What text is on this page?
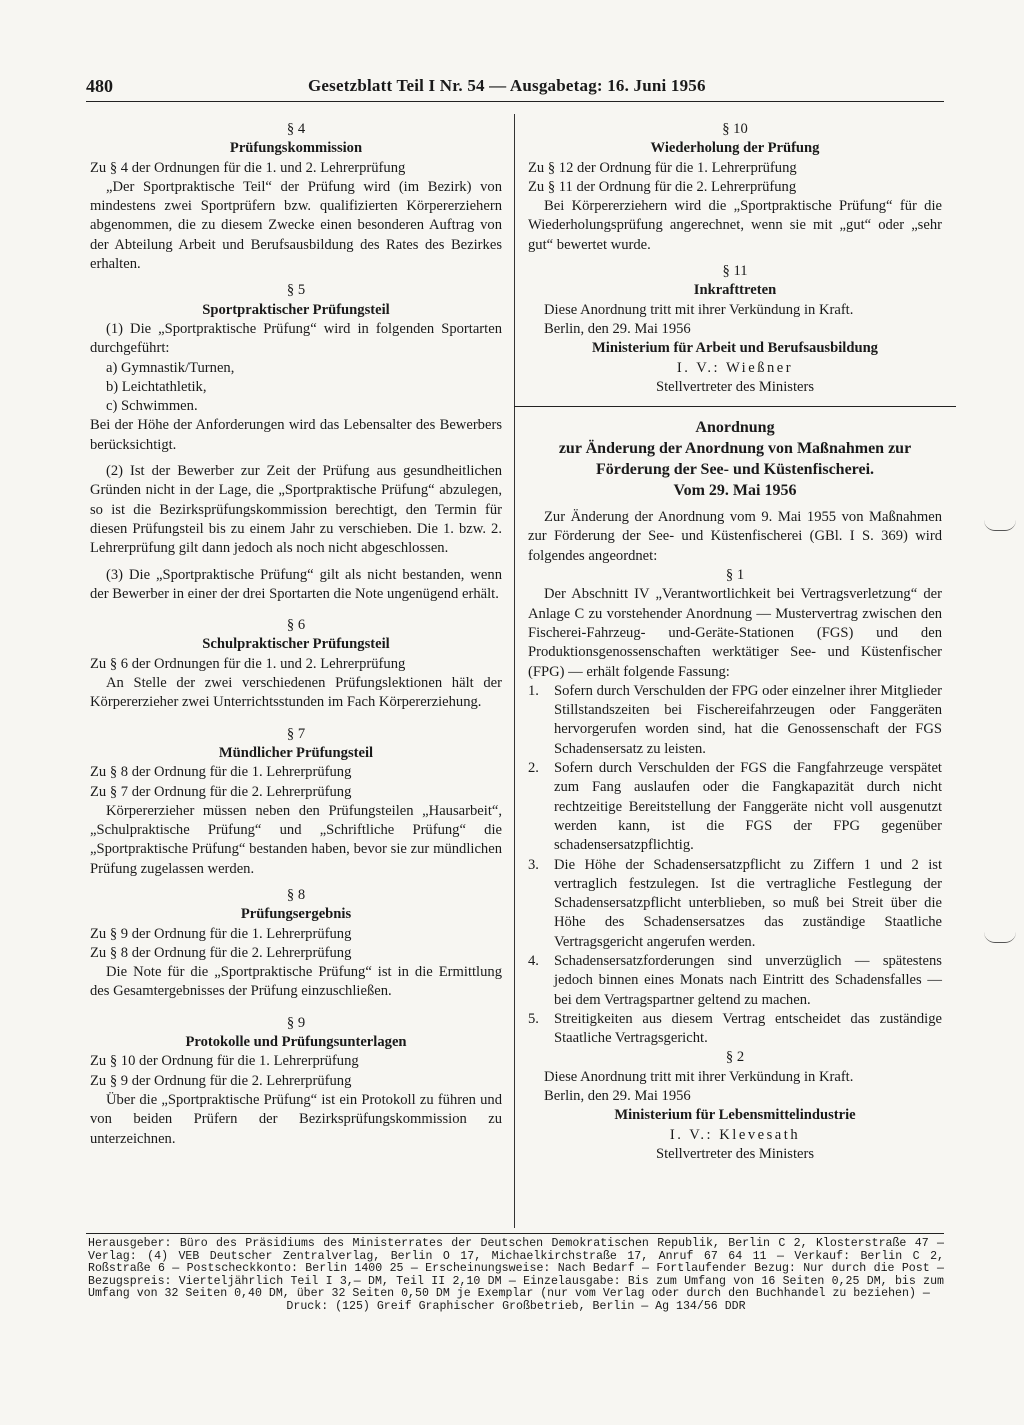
480	Gesetzblatt Teil I Nr. 54 — Ausgabetag: 16. Juni 1956
§ 4
Prüfungskommission

Zu § 4 der Ordnungen für die 1. und 2. Lehrerprüfung

„Der Sportpraktische Teil“ der Prüfung wird (im Bezirk) von mindestens zwei Sportprüfern bzw. qualifizierten Körpererziehern abgenommen, die zu diesem Zwecke einen besonderen Auftrag von der Abteilung Arbeit und Berufsausbildung des Rates des Bezirkes erhalten.

§ 5
Sportpraktischer Prüfungsteil

(1) Die „Sportpraktische Prüfung“ wird in folgenden Sportarten durchgeführt:

a) Gymnastik/Turnen,

b) Leichtathletik,

c) Schwimmen.

Bei der Höhe der Anforderungen wird das Lebensalter des Bewerbers berücksichtigt.

(2) Ist der Bewerber zur Zeit der Prüfung aus gesundheitlichen Gründen nicht in der Lage, die „Sportpraktische Prüfung“ abzulegen, so ist die Bezirksprüfungskommission berechtigt, den Termin für diesen Prüfungsteil bis zu einem Jahr zu verschieben. Die 1. bzw. 2. Lehrerprüfung gilt dann jedoch als noch nicht abgeschlossen.

(3) Die „Sportpraktische Prüfung“ gilt als nicht bestanden, wenn der Bewerber in einer der drei Sportarten die Note ungenügend erhält.

§ 6
Schulpraktischer Prüfungsteil

Zu § 6 der Ordnungen für die 1. und 2. Lehrerprüfung

An Stelle der zwei verschiedenen Prüfungslektionen hält der Körpererzieher zwei Unterrichtsstunden im Fach Körpererziehung.

§ 7
Mündlicher Prüfungsteil

Zu § 8 der Ordnung für die 1. Lehrerprüfung

Zu § 7 der Ordnung für die 2. Lehrerprüfung

Körpererzieher müssen neben den Prüfungsteilen „Hausarbeit“, „Schulpraktische Prüfung“ und „Schriftliche Prüfung“ die „Sportpraktische Prüfung“ bestanden haben, bevor sie zur mündlichen Prüfung zugelassen werden.

§ 8
Prüfungsergebnis

Zu § 9 der Ordnung für die 1. Lehrerprüfung

Zu § 8 der Ordnung für die 2. Lehrerprüfung

Die Note für die „Sportpraktische Prüfung“ ist in die Ermittlung des Gesamtergebnisses der Prüfung einzuschließen.

§ 9
Protokolle und Prüfungsunterlagen

Zu § 10 der Ordnung für die 1. Lehrerprüfung

Zu § 9 der Ordnung für die 2. Lehrerprüfung

Über die „Sportpraktische Prüfung“ ist ein Protokoll zu führen und von beiden Prüfern der Bezirksprüfungskommission zu unterzeichnen.

§ 10
Wiederholung der Prüfung

Zu § 12 der Ordnung für die 1. Lehrerprüfung

Zu § 11 der Ordnung für die 2. Lehrerprüfung

Bei Körpererziehern wird die „Sportpraktische Prüfung“ für die Wiederholungsprüfung angerechnet, wenn sie mit „gut“ oder „sehr gut“ bewertet wurde.

§ 11
Inkrafttreten

Diese Anordnung tritt mit ihrer Verkündung in Kraft.

Berlin, den 29. Mai 1956

Ministerium für Arbeit und Berufsausbildung
I. V.: Wießner
Stellvertreter des Ministers
Anordnung
zur Änderung der Anordnung von Maßnahmen zur Förderung der See- und Küstenfischerei.
Vom 29. Mai 1956

Zur Änderung der Anordnung vom 9. Mai 1955 von Maßnahmen zur Förderung der See- und Küstenfischerei (GBl. I S. 369) wird folgendes angeordnet:

§ 1

Der Abschnitt IV „Verantwortlichkeit bei Vertragsverletzung“ der Anlage C zu vorstehender Anordnung — Mustervertrag zwischen den Fischerei-Fahrzeug- und-Geräte-Stationen (FGS) und den Produktionsgenossenschaften werktätiger See- und Küstenfischer (FPG) — erhält folgende Fassung:

1.	Sofern durch Verschulden der FPG oder einzelner ihrer Mitglieder Stillstandszeiten bei Fischereifahrzeugen oder Fanggeräten hervorgerufen worden sind, hat die Genossenschaft der FGS Schadensersatz zu leisten.
2.	Sofern durch Verschulden der FGS die Fangfahrzeuge verspätet zum Fang auslaufen oder die Fangkapazität durch nicht rechtzeitige Bereitstellung der Fanggeräte nicht voll ausgenutzt werden kann, ist die FGS der FPG gegenüber schadensersatzpflichtig.
3.	Die Höhe der Schadensersatzpflicht zu Ziffern 1 und 2 ist vertraglich festzulegen. Ist die vertragliche Festlegung der Schadensersatzpflicht unterblieben, so muß bei Streit über die Höhe des Schadensersatzes das zuständige Staatliche Vertragsgericht angerufen werden.
4.	Schadensersatzforderungen sind unverzüglich — spätestens jedoch binnen eines Monats nach Eintritt des Schadensfalles — bei dem Vertragspartner geltend zu machen.
5.	Streitigkeiten aus diesem Vertrag entscheidet das zuständige Staatliche Vertragsgericht.
§ 2

Diese Anordnung tritt mit ihrer Verkündung in Kraft.

Berlin, den 29. Mai 1956

Ministerium für Lebensmittelindustrie
I. V.: Klevesath
Stellvertreter des Ministers
Herausgeber: Büro des Präsidiums des Ministerrates der Deutschen Demokratischen Republik, Berlin C 2, Klosterstraße 47 — Verlag: (4) VEB Deutscher Zentralverlag, Berlin O 17, Michaelkirchstraße 17, Anruf 67 64 11 — Verkauf: Berlin C 2, Roßstraße 6 — Postscheckkonto: Berlin 1400 25 — Erscheinungsweise: Nach Bedarf — Fortlaufender Bezug: Nur durch die Post — Bezugspreis: Vierteljährlich Teil I 3,— DM, Teil II 2,10 DM — Einzelausgabe: Bis zum Umfang von 16 Seiten 0,25 DM, bis zum Umfang von 32 Seiten 0,40 DM, über 32 Seiten 0,50 DM je Exemplar (nur vom Verlag oder durch den Buchhandel zu beziehen) —
Druck: (125) Greif Graphischer Großbetrieb, Berlin — Ag 134/56 DDR
